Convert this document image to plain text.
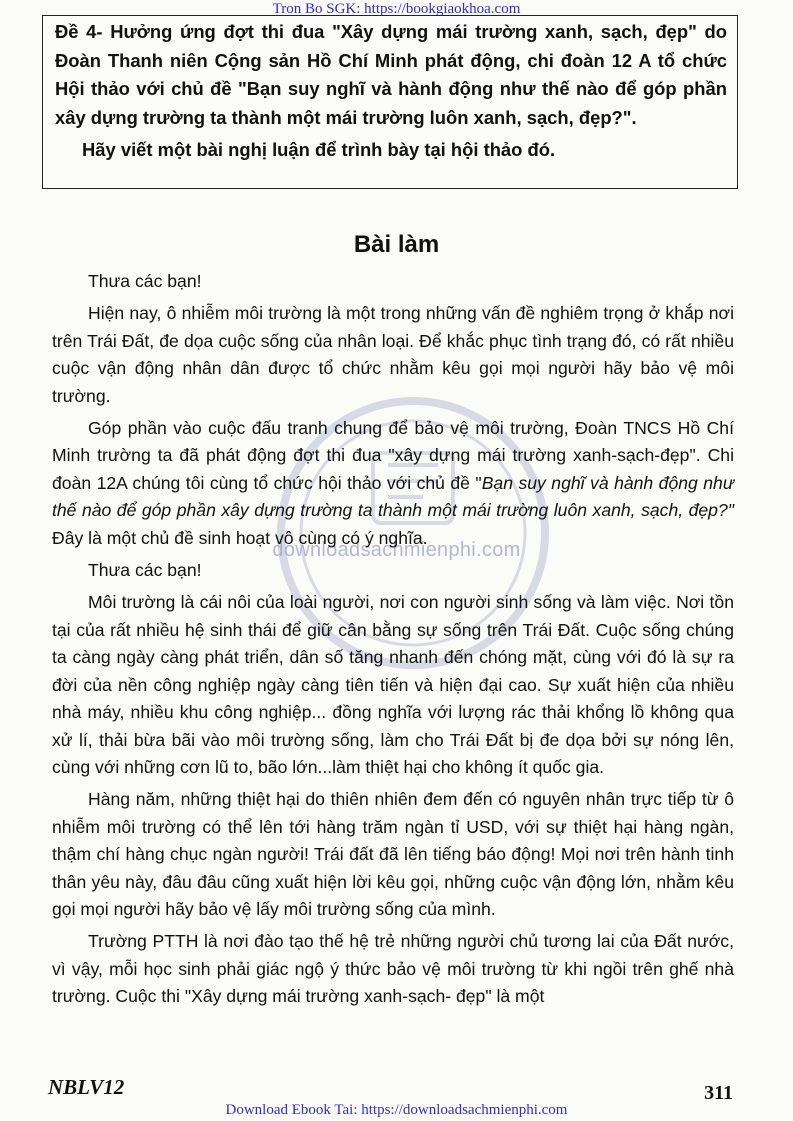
Tron Bo SGK: https://bookgiaokhoa.com

Đề 4- Hưởng ứng đợt thi đua "Xây dựng mái trường xanh, sạch, đẹp" do Đoàn Thanh niên Cộng sản Hồ Chí Minh phát động, chi đoàn 12 A tổ chức Hội thảo với chủ đề "Bạn suy nghĩ và hành động như thế nào để góp phần xây dựng trường ta thành một mái trường luôn xanh, sạch, đẹp?".

Hãy viết một bài nghị luận để trình bày tại hội thảo đó.

Bài làm
downloadsachmienphi.com

Thưa các bạn!

Hiện nay, ô nhiễm môi trường là một trong những vấn đề nghiêm trọng ở khắp nơi trên Trái Đất, đe dọa cuộc sống của nhân loại. Để khắc phục tình trạng đó, có rất nhiều cuộc vận động nhân dân được tổ chức nhằm kêu gọi mọi người hãy bảo vệ môi trường.

Góp phần vào cuộc đấu tranh chung để bảo vệ môi trường, Đoàn TNCS Hồ Chí Minh trường ta đã phát động đợt thi đua "xây dựng mái trường xanh-sạch-đẹp". Chi đoàn 12A chúng tôi cùng tổ chức hội thảo với chủ đề "Bạn suy nghĩ và hành động như thế nào để góp phần xây dựng trường ta thành một mái trường luôn xanh, sạch, đẹp?" Đây là một chủ đề sinh hoạt vô cùng có ý nghĩa.

Thưa các bạn!

Môi trường là cái nôi của loài người, nơi con người sinh sống và làm việc. Nơi tồn tại của rất nhiều hệ sinh thái để giữ cân bằng sự sống trên Trái Đất. Cuộc sống chúng ta càng ngày càng phát triển, dân số tăng nhanh đến chóng mặt, cùng với đó là sự ra đời của nền công nghiệp ngày càng tiên tiến và hiện đại cao. Sự xuất hiện của nhiều nhà máy, nhiều khu công nghiệp... đồng nghĩa với lượng rác thải khổng lồ không qua xử lí, thải bừa bãi vào môi trường sống, làm cho Trái Đất bị đe dọa bởi sự nóng lên, cùng với những cơn lũ to, bão lớn...làm thiệt hại cho không ít quốc gia.

Hàng năm, những thiệt hại do thiên nhiên đem đến có nguyên nhân trực tiếp từ ô nhiễm môi trường có thể lên tới hàng trăm ngàn tỉ USD, với sự thiệt hại hàng ngàn, thậm chí hàng chục ngàn người! Trái đất đã lên tiếng báo động! Mọi nơi trên hành tinh thân yêu này, đâu đâu cũng xuất hiện lời kêu gọi, những cuộc vận động lớn, nhằm kêu gọi mọi người hãy bảo vệ lấy môi trường sống của mình.

Trường PTTH là nơi đào tạo thế hệ trẻ những người chủ tương lai của Đất nước, vì vậy, mỗi học sinh phải giác ngộ ý thức bảo vệ môi trường từ khi ngồi trên ghế nhà trường. Cuộc thi "Xây dựng mái trường xanh-sạch- đẹp" là một

NBLV12	311
Download Ebook Tai: https://downloadsachmienphi.com
